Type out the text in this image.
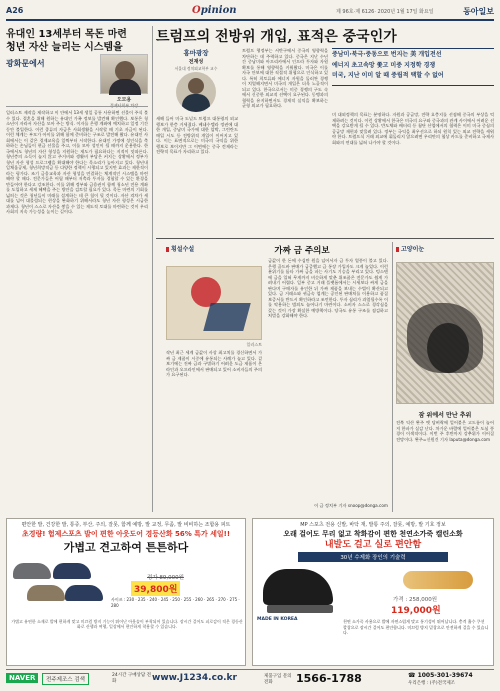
A26	Opinion	제 96호·제 6126· 2020년 1월 17일 화요일	동아일보
유대인 13세부터 목돈 마련
청년 자산 늘리는 시스템을
광화문에서
오모용
일러스트 제작을 제작하고 이 안에서 13세 생일 공통 사용하면 선물이 주식 불 수 있다. 결혼을 위해 원하는 유대인 가족 정보를 발견해 확인했다. 보통은 청소년이 자라서 자산을 모아 주는 방식. 이자를 은행 계좌에 예치하고 일정 기간 동안 불입한다. 이런 종류의 자금은 사회생활을 시작할 때 기초 자금이 된다. 이런 체계는 부모가 아이를 위해 함께 준비하는 구조로 발전해 왔다. 유대인 사회에서는 이 같은 경제교육을 일찍부터 시작한다. 유대인 가정에 성인식을 축하하는 손님들이 현금 선물을 주고, 이를 모아 성인이 될 때까지 운용한다. 한국에서도 청년의 자산 형성을 지원하는 제도가 필요하다는 지적이 잇따른다. 청년층의 소득이 늘지 않고 주거비와 생활비 부담은 커지는 상황에서 정부가 청년 자산 형성 프로그램을 확대해야 한다는 목소리가 높아지고 있다. 청년내일채움공제, 청년희망적금 등 다양한 정책이 시행되고 있지만 효과는 제한적이라는 평가다. 조기 금융교육과 자산 형성을 연결하는 체계적인 시스템을 마련해야 할 때다. 전문가들은 어릴 때부터 저축과 투자를 경험할 수 있는 환경을 만들어야 한다고 강조한다. 이를 위해 정부와 금융권이 함께 청소년 전용 계좌를 도입하고 세제 혜택을 주는 방안을 검토할 필요가 있다. 목돈 마련의 기회를 넓히는 것은 청년들이 미래를 설계하는 데 큰 힘이 될 것이다. 자산 격차가 세대를 넘어 대물림되는 현상을 완화하기 위해서라도 청년 자산 형성은 시급한 과제다. 청년이 스스로 자산을 쌓을 수 있는 제도적 토대를 마련하는 것이 우리 사회의 지속 가능성을 높이는 길이다.
트럼프의 전방위 개입, 표적은 중국인가
홍마광장
전재성
서울대 정치외교학부 교수
새해 들어 미국 도널드 트럼프 대통령의 외교 행보가 한층 거세졌다. 베네수엘라 정권에 대한 개입, 중남미 국가에 대한 압박, 그린란드 매입 시도 등 전방위적 개입이 이어지고 있다. 이는 표면적으로는 미국의 국익을 위한 행보로 보이지만 그 이면에는 중국 견제라는 전략적 목표가 자리하고 있다.
트럼프 행정부는 서반구에서 중국의 영향력을 차단하는 데 주력하고 있다. 중국은 지난 수년간 중남미와 아프리카에서 인프라 투자와 자원 확보를 통해 영향력을 키워왔다. 미국은 이를 자국 안보에 대한 직접적 위협으로 인식하고 있다. 특히 희토류와 에너지 자원을 둘러싼 경쟁이 치열해지면서 미국의 개입은 더욱 노골적이 되고 있다. 한국으로서는 미중 경쟁의 구도 속에서 신중한 외교적 선택이 요구된다. 동맹과의 협력을 유지하면서도 경제적 실익을 확보하는 균형 외교가 필요하다.
중남미·북극·중동으로 번지는 美 개입전선
에너지 초고속망 쫓고 미중 지정학 경쟁
미국, 지난 이미 알 때 중립적 택할 수 없어
미 대외정책의 목표는 분명하다. 자원과 공급망, 전략 요충지를 선점해 중국의 부상을 억제하려는 것이다. 이런 상황에서 한국은 미국의 요구와 중국과의 관계 사이에서 어려운 선택을 강요받게 될 수 있다. 반도체와 배터리 등 첨단 산업에서의 협력은 이미 미국 중심의 공급망 재편과 맞물려 있다. 정부는 국익을 최우선으로 하되 원칙 있는 외교 전략을 세워야 한다. 트럼프식 거래 외교에 휘둘리지 않으려면 우리만의 협상 카드를 준비하고 국제사회와의 연대를 넓혀 나가야 할 것이다.
횡설수설	가짜 금 주의보
일러스트
작년 최근 세계 금값이 사상 최고치를 경신하면서 가짜 금 제품이 시중에 유통되는 사례가 늘고 있다. 겉보기에는 진짜 금과 구별하기 어려운 도금 제품이 온라인과 오프라인에서 판매되고 있어 소비자들의 주의가 요구된다.
금값이 한 돈에 수십만 원을 넘어서자 금 투자 열풍이 불고 있다. 은행 골드바 판매가 급증했고 금 통장 가입자도 크게 늘었다. 이런 분위기를 틈타 가짜 금을 파는 사기도 기승을 부리고 있다. 텅스텐에 금을 입혀 무게까지 비슷하게 맞춘 위조품은 전문가도 쉽게 가려내기 어렵다. 일부 중고 거래 플랫폼에서는 시세보다 싸게 금을 판다며 구매자를 유인한 뒤 가짜 제품을 보내는 수법이 확산되고 있다. 금 거래소와 귀금속 업계는 공인된 판매처를 이용하고 품질 보증서를 반드시 확인하라고 조언한다. 투자 심리가 과열될수록 이를 악용하는 범죄도 늘어나기 마련이다. 소비자 스스로 경각심을 갖는 것이 가장 확실한 예방책이다. 당국도 유통 구조를 점검하고 처벌을 강화해야 한다.
이 금 정치부 기자 snoop@donga.com
고양이눈
잠 위에서 만난 추위
전북 익산 완주 옛 담벼락에 얼어붙은 고드름이 늘어져 한파가 실감 난다. 차가운 바람에 얼어붙은 도심 풍경이 이색적이다. 이번 주 후반까지 강추위가 이어질 전망이다. 완주=신원건 기자 laputa@donga.com
편안한 발, 건강한 발, 통증, 부산, 주의, 잘못, 함께 예방, 발 교정, 무좀, 발 비비하는 조합용 피트
초경량! 험제스포츠 발이 편한 아웃도어 경등산화 56% 특가 세일!!
가볍고 견고하여 튼튼하다
정가 89,000원
39,800원
사이즈 : 230 · 235 · 240 · 245 · 250 · 255 · 260 · 265 · 270 · 275 · 280
가볍고 유연한 소재로 발에 편하게 맞고 미끄럼 방지 기능이 뛰어난 아웃솔이 부착되어 있습니다. 장시간 걸어도 피로감이 적은 경등산화로 산행과 여행, 일상에서 편안하게 착용할 수 있습니다.
MP 스포츠 전용 신발, 바닥 재, 발통 주의, 잘못, 예방, 발 기호 정보
오래 걸어도 무리 없고 착화감이 편한 천연소가죽 캘린소화
내발도 걸고 실로 편안함
30년 수제화 장인의 기술력
가격 : 258,000원
119,000원
MADE IN KOREA	천연 소가죽 사용으로 발에 자연스럽게 맞고 통기성이 뛰어납니다. 충격 흡수 쿠션 깔창으로 장시간 걸어도 편안합니다. 미끄럼 방지 밑창으로 안전하게 걸을 수 있습니다.
NAVER	전주제조스 검색
24시간 구매상담 전화	www.J1234.co.kr	제품구입 문의전화	1566-1788	☎ 1005-301-39674
우리은행 : (주)전국제조
